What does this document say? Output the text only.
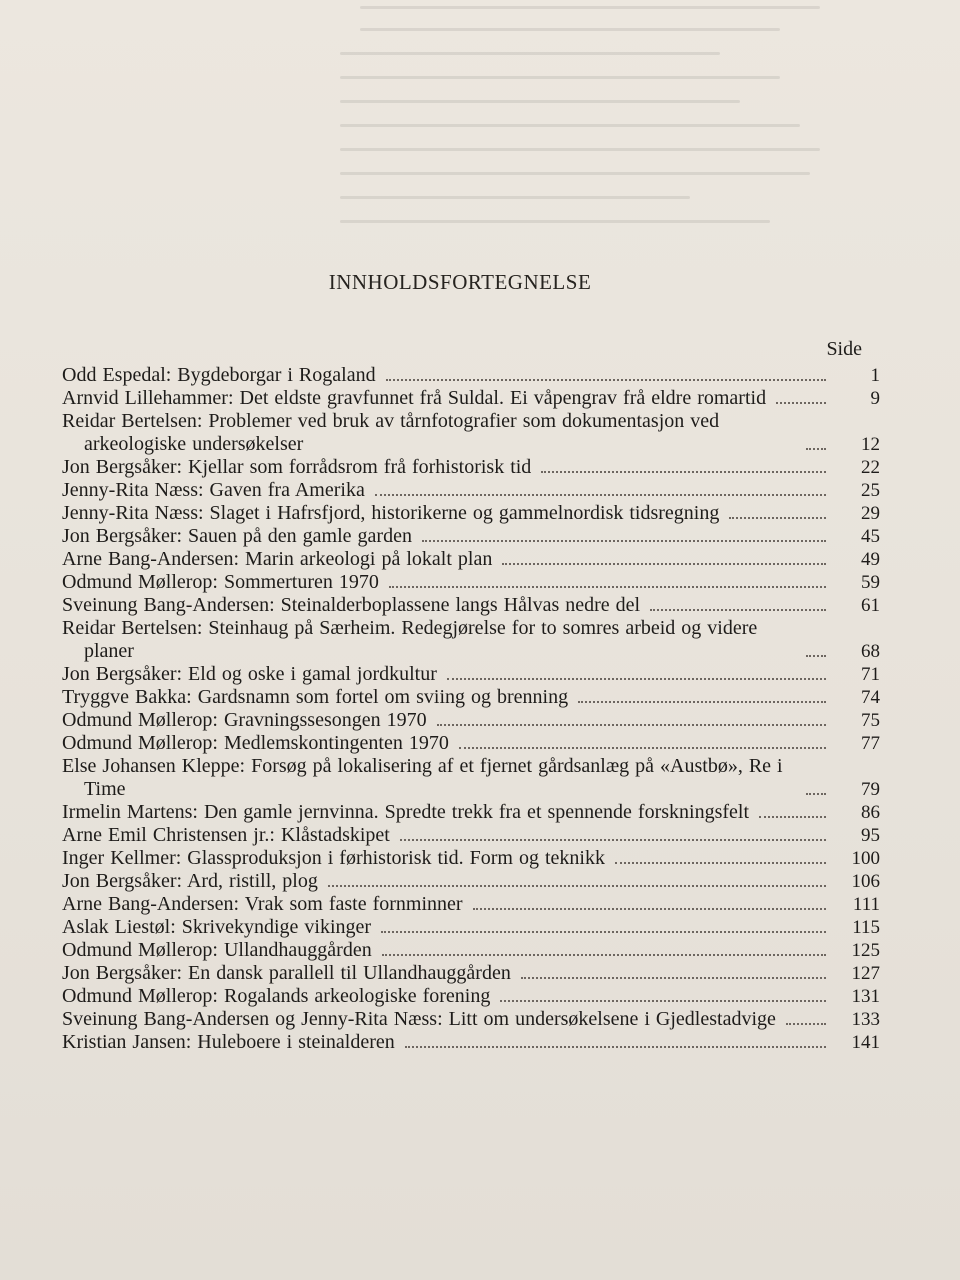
INNHOLDSFORTEGNELSE
Side
Odd Espedal: Bygdeborgar i Rogaland	1
Arnvid Lillehammer: Det eldste gravfunnet frå Suldal. Ei våpengrav frå eldre romartid	9
Reidar Bertelsen: Problemer ved bruk av tårnfotografier som dokumentasjon ved arkeologiske undersøkelser	12
Jon Bergsåker: Kjellar som forrådsrom frå forhistorisk tid	22
Jenny-Rita Næss: Gaven fra Amerika	25
Jenny-Rita Næss: Slaget i Hafrsfjord, historikerne og gammelnordisk tidsregning	29
Jon Bergsåker: Sauen på den gamle garden	45
Arne Bang-Andersen: Marin arkeologi på lokalt plan	49
Odmund Møllerop: Sommerturen 1970	59
Sveinung Bang-Andersen: Steinalderboplassene langs Hålvas nedre del	61
Reidar Bertelsen: Steinhaug på Særheim. Redegjørelse for to somres arbeid og videre planer	68
Jon Bergsåker: Eld og oske i gamal jordkultur	71
Tryggve Bakka: Gardsnamn som fortel om sviing og brenning	74
Odmund Møllerop: Gravningssesongen 1970	75
Odmund Møllerop: Medlemskontingenten 1970	77
Else Johansen Kleppe: Forsøg på lokalisering af et fjernet gårdsanlæg på «Austbø», Re i Time	79
Irmelin Martens: Den gamle jernvinna. Spredte trekk fra et spennende forskningsfelt	86
Arne Emil Christensen jr.: Klåstadskipet	95
Inger Kellmer: Glassproduksjon i førhistorisk tid. Form og teknikk	100
Jon Bergsåker: Ard, ristill, plog	106
Arne Bang-Andersen: Vrak som faste fornminner	111
Aslak Liestøl: Skrivekyndige vikinger	115
Odmund Møllerop: Ullandhauggården	125
Jon Bergsåker: En dansk parallell til Ullandhauggården	127
Odmund Møllerop: Rogalands arkeologiske forening	131
Sveinung Bang-Andersen og Jenny-Rita Næss: Litt om undersøkelsene i Gjedlestadvige	133
Kristian Jansen: Huleboere i steinalderen	141
